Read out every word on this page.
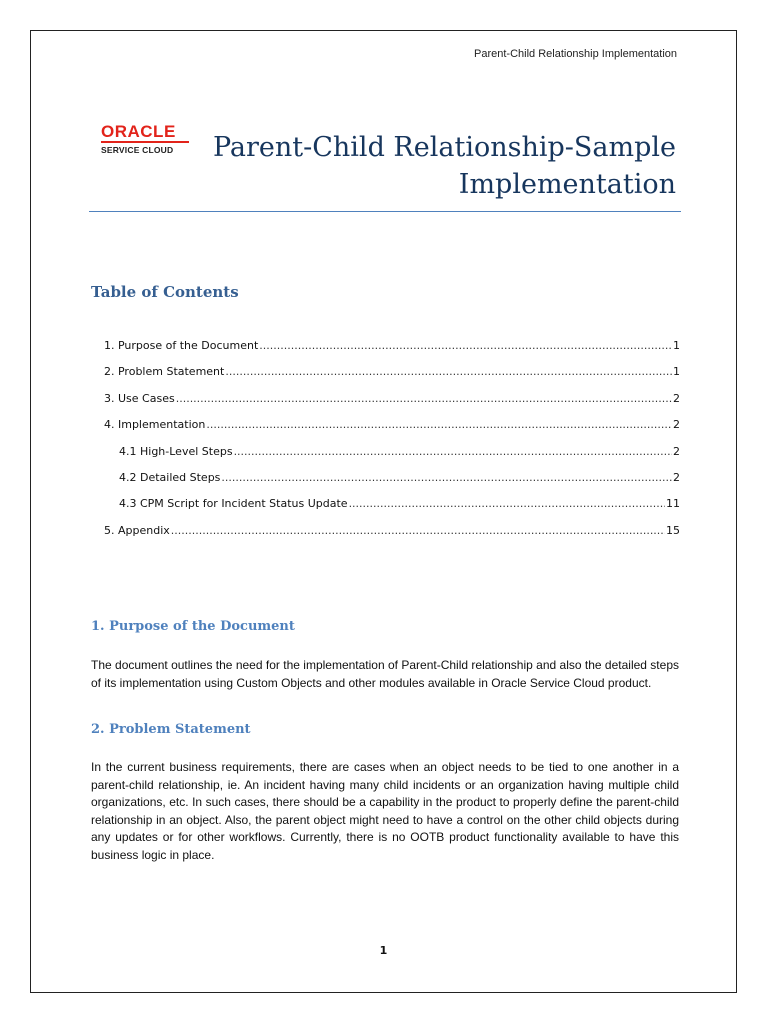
Parent-Child Relationship Implementation
ORACLE
SERVICE CLOUD	Parent-Child Relationship-Sample
Implementation
Table of Contents
1. Purpose of the Document .....	1
2. Problem Statement .....	1
3. Use Cases .....	2
4. Implementation .....	2
4.1 High-Level Steps .....	2
4.2 Detailed Steps .....	2
4.3 CPM Script for Incident Status Update .....	11
5. Appendix .....	15
1. Purpose of the Document
The document outlines the need for the implementation of Parent-Child relationship and also the detailed steps of its implementation using Custom Objects and other modules available in Oracle Service Cloud product.
2. Problem Statement
In the current business requirements, there are cases when an object needs to be tied to one another in a parent-child relationship, ie. An incident having many child incidents or an organization having multiple child organizations, etc. In such cases, there should be a capability in the product to properly define the parent-child relationship in an object. Also, the parent object might need to have a control on the other child objects during any updates or for other workflows. Currently, there is no OOTB product functionality available to have this business logic in place.
1
